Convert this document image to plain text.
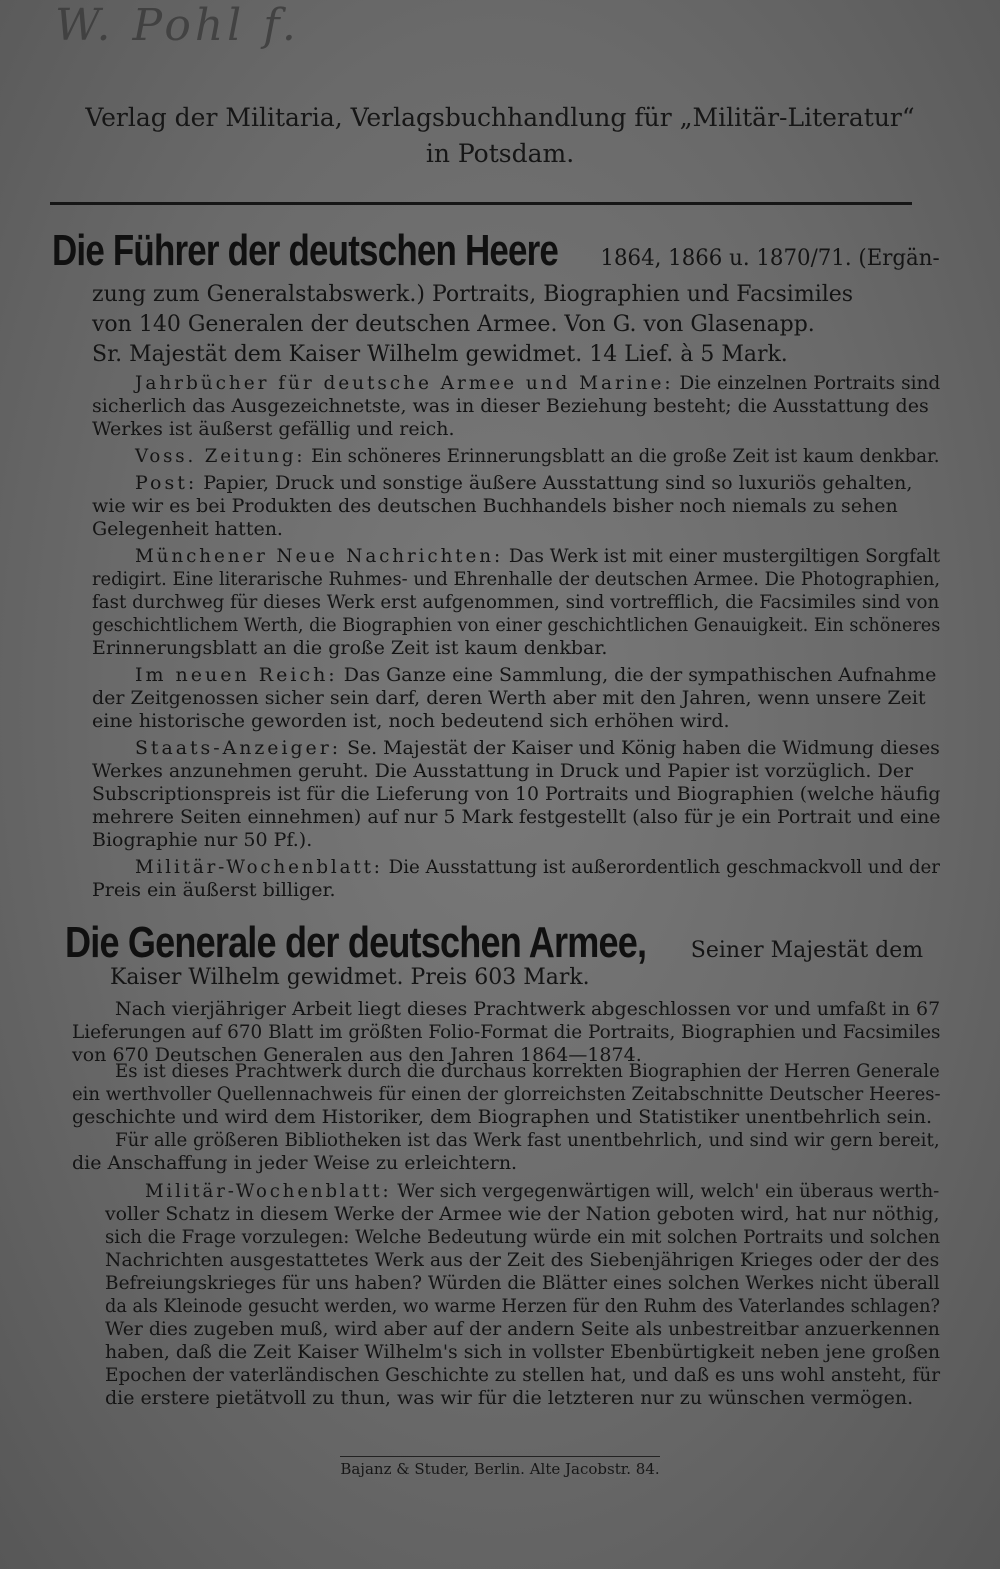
W. Pohl f.
Verlag der Militaria, Verlagsbuchhandlung für „Militär-Literatur“
in Potsdam.
Die Führer der deutschen Heere 1864, 1866 u. 1870/71. (Ergän-
zung zum Generalstabswerk.) Portraits, Biographien und Facsimiles
von 140 Generalen der deutschen Armee. Von G. von Glasenapp.
Sr. Majestät dem Kaiser Wilhelm gewidmet. 14 Lief. à 5 Mark.
Jahrbücher für deutsche Armee und Marine: Die einzelnen Portraits sind
sicherlich das Ausgezeichnetste, was in dieser Beziehung besteht; die Ausstattung des
Werkes ist äußerst gefällig und reich.
Voss. Zeitung: Ein schöneres Erinnerungsblatt an die große Zeit ist kaum denkbar.
Post: Papier, Druck und sonstige äußere Ausstattung sind so luxuriös gehalten,
wie wir es bei Produkten des deutschen Buchhandels bisher noch niemals zu sehen
Gelegenheit hatten.
Münchener Neue Nachrichten: Das Werk ist mit einer mustergiltigen Sorgfalt
redigirt. Eine literarische Ruhmes- und Ehrenhalle der deutschen Armee. Die Photographien,
fast durchweg für dieses Werk erst aufgenommen, sind vortrefflich, die Facsimiles sind von
geschichtlichem Werth, die Biographien von einer geschichtlichen Genauigkeit. Ein schöneres
Erinnerungsblatt an die große Zeit ist kaum denkbar.
Im neuen Reich: Das Ganze eine Sammlung, die der sympathischen Aufnahme
der Zeitgenossen sicher sein darf, deren Werth aber mit den Jahren, wenn unsere Zeit
eine historische geworden ist, noch bedeutend sich erhöhen wird.
Staats-Anzeiger: Se. Majestät der Kaiser und König haben die Widmung dieses
Werkes anzunehmen geruht. Die Ausstattung in Druck und Papier ist vorzüglich. Der
Subscriptionspreis ist für die Lieferung von 10 Portraits und Biographien (welche häufig
mehrere Seiten einnehmen) auf nur 5 Mark festgestellt (also für je ein Portrait und eine
Biographie nur 50 Pf.).
Militär-Wochenblatt: Die Ausstattung ist außerordentlich geschmackvoll und der
Preis ein äußerst billiger.
Die Generale der deutschen Armee, Seiner Majestät dem
Kaiser Wilhelm gewidmet. Preis 603 Mark.
Nach vierjähriger Arbeit liegt dieses Prachtwerk abgeschlossen vor und umfaßt in 67
Lieferungen auf 670 Blatt im größten Folio-Format die Portraits, Biographien und Facsimiles
von 670 Deutschen Generalen aus den Jahren 1864—1874.
Es ist dieses Prachtwerk durch die durchaus korrekten Biographien der Herren Generale
ein werthvoller Quellennachweis für einen der glorreichsten Zeitabschnitte Deutscher Heeres-
geschichte und wird dem Historiker, dem Biographen und Statistiker unentbehrlich sein.
Für alle größeren Bibliotheken ist das Werk fast unentbehrlich, und sind wir gern bereit,
die Anschaffung in jeder Weise zu erleichtern.
Militär-Wochenblatt: Wer sich vergegenwärtigen will, welch' ein überaus werth-
voller Schatz in diesem Werke der Armee wie der Nation geboten wird, hat nur nöthig,
sich die Frage vorzulegen: Welche Bedeutung würde ein mit solchen Portraits und solchen
Nachrichten ausgestattetes Werk aus der Zeit des Siebenjährigen Krieges oder der des
Befreiungskrieges für uns haben? Würden die Blätter eines solchen Werkes nicht überall
da als Kleinode gesucht werden, wo warme Herzen für den Ruhm des Vaterlandes schlagen?
Wer dies zugeben muß, wird aber auf der andern Seite als unbestreitbar anzuerkennen
haben, daß die Zeit Kaiser Wilhelm's sich in vollster Ebenbürtigkeit neben jene großen
Epochen der vaterländischen Geschichte zu stellen hat, und daß es uns wohl ansteht, für
die erstere pietätvoll zu thun, was wir für die letzteren nur zu wünschen vermögen.
Bajanz & Studer, Berlin. Alte Jacobstr. 84.
